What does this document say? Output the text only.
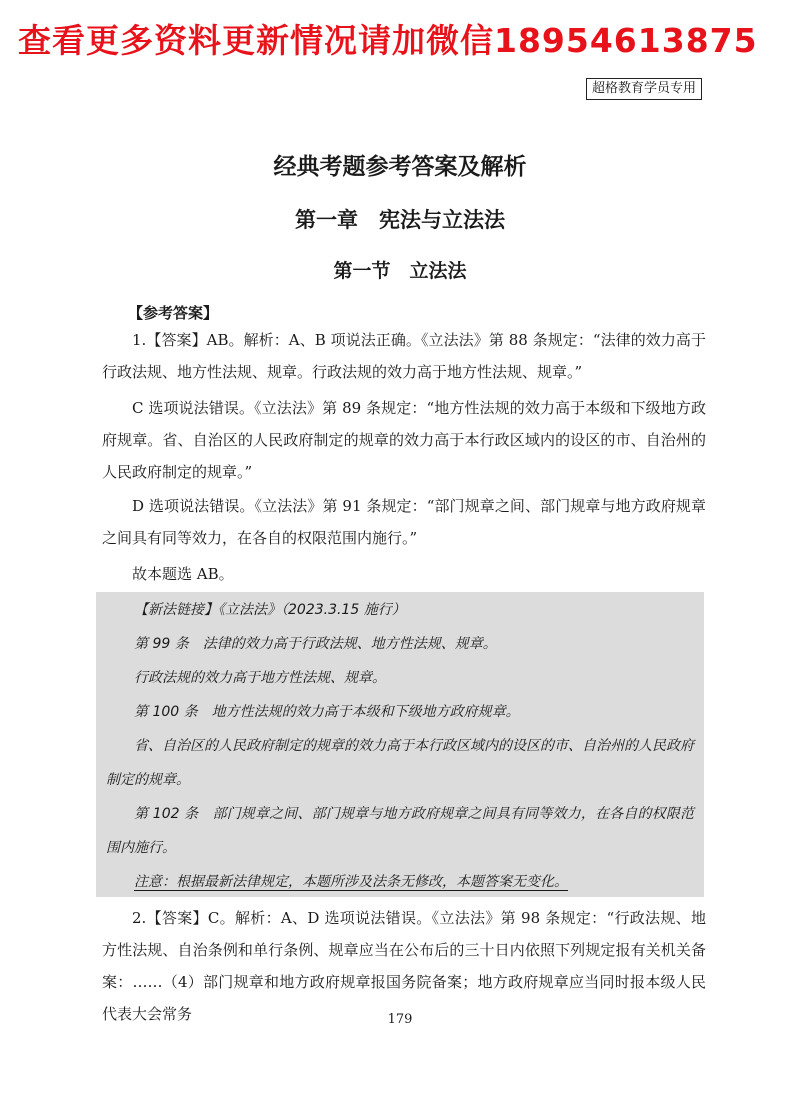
查看更多资料更新情况请加微信18954613875
超格教育学员专用
经典考题参考答案及解析
第一章　宪法与立法法
第一节　立法法
【参考答案】
1.【答案】AB。解析：A、B 项说法正确。《立法法》第 88 条规定：“法律的效力高于行政法规、地方性法规、规章。行政法规的效力高于地方性法规、规章。”
C 选项说法错误。《立法法》第 89 条规定：“地方性法规的效力高于本级和下级地方政府规章。省、自治区的人民政府制定的规章的效力高于本行政区域内的设区的市、自治州的人民政府制定的规章。”
D 选项说法错误。《立法法》第 91 条规定：“部门规章之间、部门规章与地方政府规章之间具有同等效力，在各自的权限范围内施行。”
故本题选 AB。
【新法链接】《立法法》（2023.3.15 施行）
第 99 条　法律的效力高于行政法规、地方性法规、规章。
行政法规的效力高于地方性法规、规章。
第 100 条　地方性法规的效力高于本级和下级地方政府规章。
省、自治区的人民政府制定的规章的效力高于本行政区域内的设区的市、自治州的人民政府制定的规章。
第 102 条　部门规章之间、部门规章与地方政府规章之间具有同等效力，在各自的权限范围内施行。
注意：根据最新法律规定，本题所涉及法条无修改，本题答案无变化。
2.【答案】C。解析：A、D 选项说法错误。《立法法》第 98 条规定：“行政法规、地方性法规、自治条例和单行条例、规章应当在公布后的三十日内依照下列规定报有关机关备案：……（4）部门规章和地方政府规章报国务院备案；地方政府规章应当同时报本级人民代表大会常务	179
